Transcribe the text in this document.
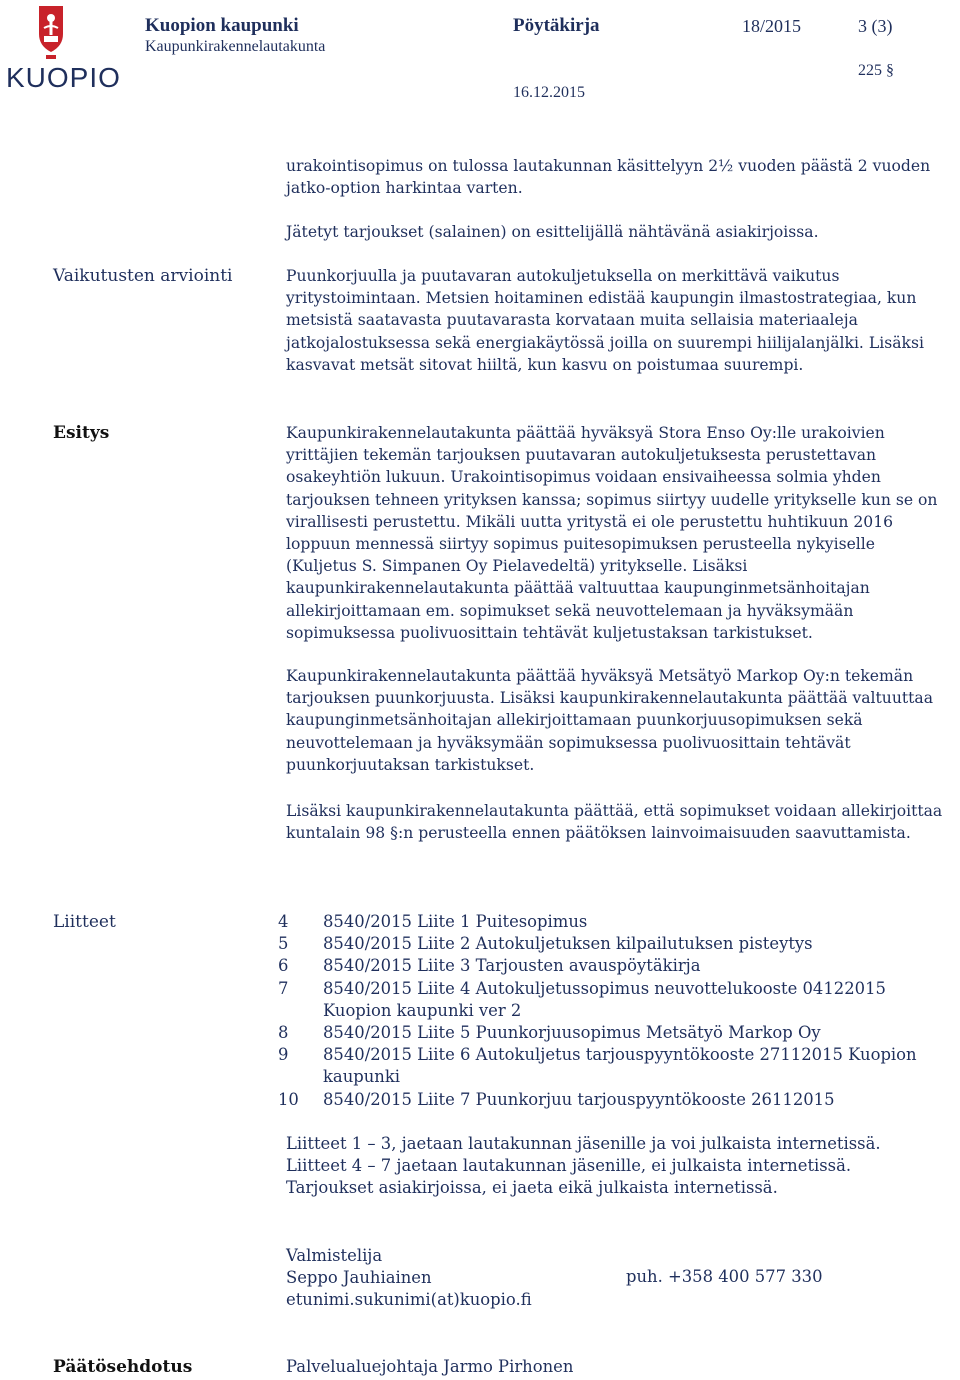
KUOPIO
Kuopion kaupunki
Kaupunkirakennelautakunta
Pöytäkirja	18/2015	3 (3)
225 §
16.12.2015
urakointisopimus on tulossa lautakunnan käsittelyyn 2½ vuoden päästä 2 vuoden jatko-option harkintaa varten.
Jätetyt tarjoukset (salainen) on esittelijällä nähtävänä asiakirjoissa.
Vaikutusten arviointi	Puunkorjuulla ja puutavaran autokuljetuksella on merkittävä vaikutus yritystoimintaan. Metsien hoitaminen edistää kaupungin ilmastostrategiaa, kun metsistä saatavasta puutavarasta korvataan muita sellaisia materiaaleja jatkojalostuksessa sekä energiakäytössä joilla on suurempi hiilijalanjälki. Lisäksi kasvavat metsät sitovat hiiltä, kun kasvu on poistumaa suurempi.
Esitys	Kaupunkirakennelautakunta päättää hyväksyä Stora Enso Oy:lle urakoivien yrittäjien tekemän tarjouksen puutavaran autokuljetuksesta perustettavan osakeyhtiön lukuun. Urakointisopimus voidaan ensivaiheessa solmia yhden tarjouksen tehneen yrityksen kanssa; sopimus siirtyy uudelle yritykselle kun se on virallisesti perustettu. Mikäli uutta yritystä ei ole perustettu huhtikuun 2016 loppuun mennessä siirtyy sopimus puitesopimuksen perusteella nykyiselle (Kuljetus S. Simpanen Oy Pielavedeltä) yritykselle. Lisäksi kaupunkirakennelautakunta päättää valtuuttaa kaupunginmetsänhoitajan allekirjoittamaan em. sopimukset sekä neuvottelemaan ja hyväksymään sopimuksessa puolivuosittain tehtävät kuljetustaksan tarkistukset.
Kaupunkirakennelautakunta päättää hyväksyä Metsätyö Markop Oy:n tekemän tarjouksen puunkorjuusta. Lisäksi kaupunkirakennelautakunta päättää valtuuttaa kaupunginmetsänhoitajan allekirjoittamaan puunkorjuusopimuksen sekä neuvottelemaan ja hyväksymään sopimuksessa puolivuosittain tehtävät puunkorjuutaksan tarkistukset.
Lisäksi kaupunkirakennelautakunta päättää, että sopimukset voidaan allekirjoittaa kuntalain 98 §:n perusteella ennen päätöksen lainvoimaisuuden saavuttamista.
Liitteet	4	8540/2015 Liite 1 Puitesopimus
5	8540/2015 Liite 2 Autokuljetuksen kilpailutuksen pisteytys
6	8540/2015 Liite 3 Tarjousten avauspöytäkirja
7	8540/2015 Liite 4 Autokuljetussopimus neuvottelukooste 04122015 Kuopion kaupunki ver 2
8	8540/2015 Liite 5 Puunkorjuusopimus Metsätyö Markop Oy
9	8540/2015 Liite 6 Autokuljetus tarjouspyyntökooste 27112015 Kuopion kaupunki
10	8540/2015 Liite 7 Puunkorjuu tarjouspyyntökooste 26112015
Liitteet 1 – 3, jaetaan lautakunnan jäsenille ja voi julkaista internetissä.
Liitteet 4 – 7 jaetaan lautakunnan jäsenille, ei julkaista internetissä.
Tarjoukset asiakirjoissa, ei jaeta eikä julkaista internetissä.
Valmistelija
Seppo Jauhiainen
etunimi.sukunimi(at)kuopio.fi
puh. +358 400 577 330
Päätösehdotus	Palvelualuejohtaja Jarmo Pirhonen
